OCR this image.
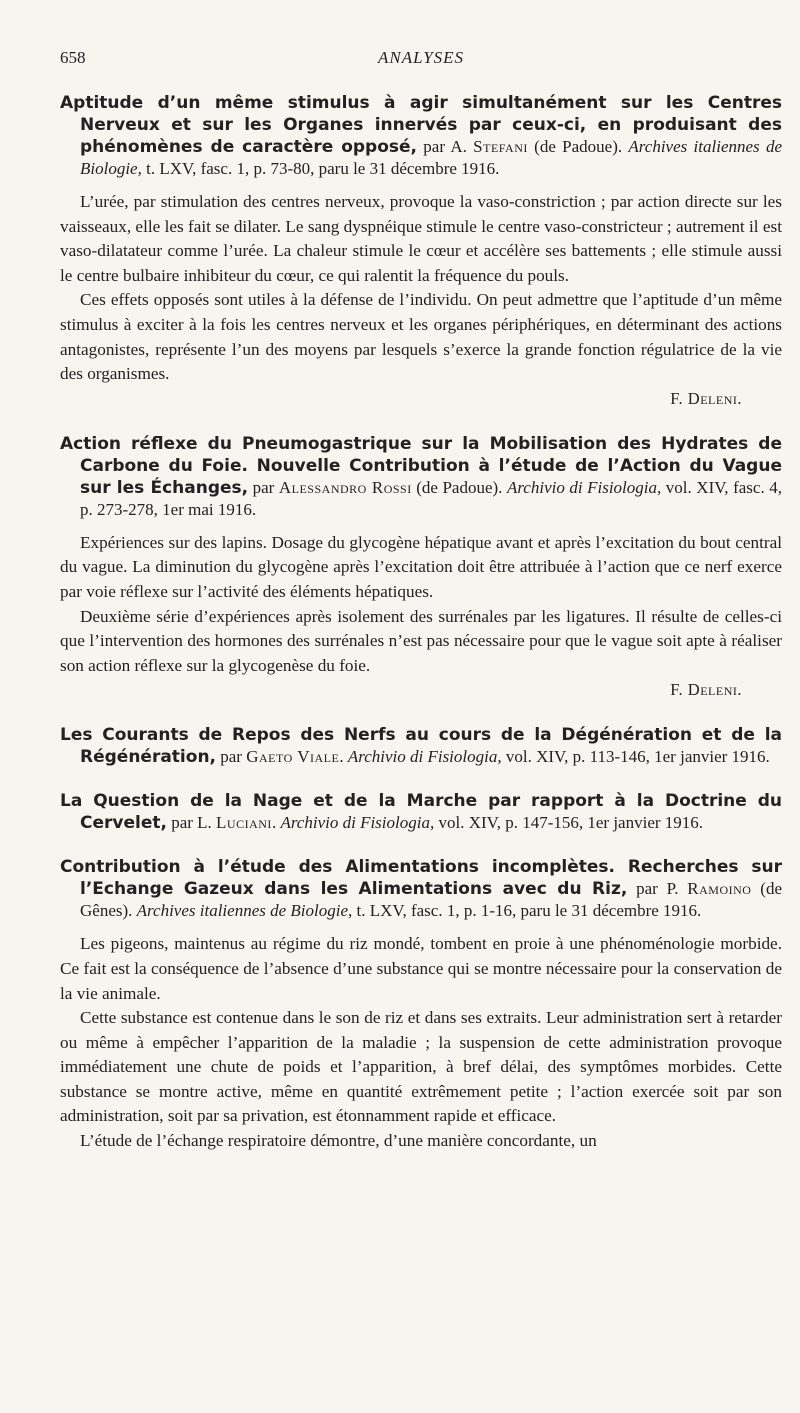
658	ANALYSES
Aptitude d’un même stimulus à agir simultanément sur les Centres Nerveux et sur les Organes innervés par ceux-ci, en produisant des phénomènes de caractère opposé, par A. Stefani (de Padoue). Archives italiennes de Biologie, t. LXV, fasc. 1, p. 73-80, paru le 31 décembre 1916.

L’urée, par stimulation des centres nerveux, provoque la vaso-constriction ; par action directe sur les vaisseaux, elle les fait se dilater. Le sang dyspnéique stimule le centre vaso-constricteur ; autrement il est vaso-dilatateur comme l’urée. La chaleur stimule le cœur et accélère ses battements ; elle stimule aussi le centre bulbaire inhibiteur du cœur, ce qui ralentit la fréquence du pouls.

Ces effets opposés sont utiles à la défense de l’individu. On peut admettre que l’aptitude d’un même stimulus à exciter à la fois les centres nerveux et les organes périphériques, en déterminant des actions antagonistes, représente l’un des moyens par lesquels s’exerce la grande fonction régulatrice de la vie des organismes.

F. Deleni.
Action réflexe du Pneumogastrique sur la Mobilisation des Hydrates de Carbone du Foie. Nouvelle Contribution à l’étude de l’Action du Vague sur les Échanges, par Alessandro Rossi (de Padoue). Archivio di Fisiologia, vol. XIV, fasc. 4, p. 273-278, 1er mai 1916.

Expériences sur des lapins. Dosage du glycogène hépatique avant et après l’excitation du bout central du vague. La diminution du glycogène après l’excitation doit être attribuée à l’action que ce nerf exerce par voie réflexe sur l’activité des éléments hépatiques.

Deuxième série d’expériences après isolement des surrénales par les ligatures. Il résulte de celles-ci que l’intervention des hormones des surrénales n’est pas nécessaire pour que le vague soit apte à réaliser son action réflexe sur la glycogenèse du foie.

F. Deleni.
Les Courants de Repos des Nerfs au cours de la Dégénération et de la Régénération, par Gaeto Viale. Archivio di Fisiologia, vol. XIV, p. 113-146, 1er janvier 1916.
La Question de la Nage et de la Marche par rapport à la Doctrine du Cervelet, par L. Luciani. Archivio di Fisiologia, vol. XIV, p. 147-156, 1er janvier 1916.
Contribution à l’étude des Alimentations incomplètes. Recherches sur l’Echange Gazeux dans les Alimentations avec du Riz, par P. Ramoino (de Gênes). Archives italiennes de Biologie, t. LXV, fasc. 1, p. 1-16, paru le 31 décembre 1916.

Les pigeons, maintenus au régime du riz mondé, tombent en proie à une phénoménologie morbide. Ce fait est la conséquence de l’absence d’une substance qui se montre nécessaire pour la conservation de la vie animale.

Cette substance est contenue dans le son de riz et dans ses extraits. Leur administration sert à retarder ou même à empêcher l’apparition de la maladie ; la suspension de cette administration provoque immédiatement une chute de poids et l’apparition, à bref délai, des symptômes morbides. Cette substance se montre active, même en quantité extrêmement petite ; l’action exercée soit par son administration, soit par sa privation, est étonnamment rapide et efficace.

L’étude de l’échange respiratoire démontre, d’une manière concordante, un
